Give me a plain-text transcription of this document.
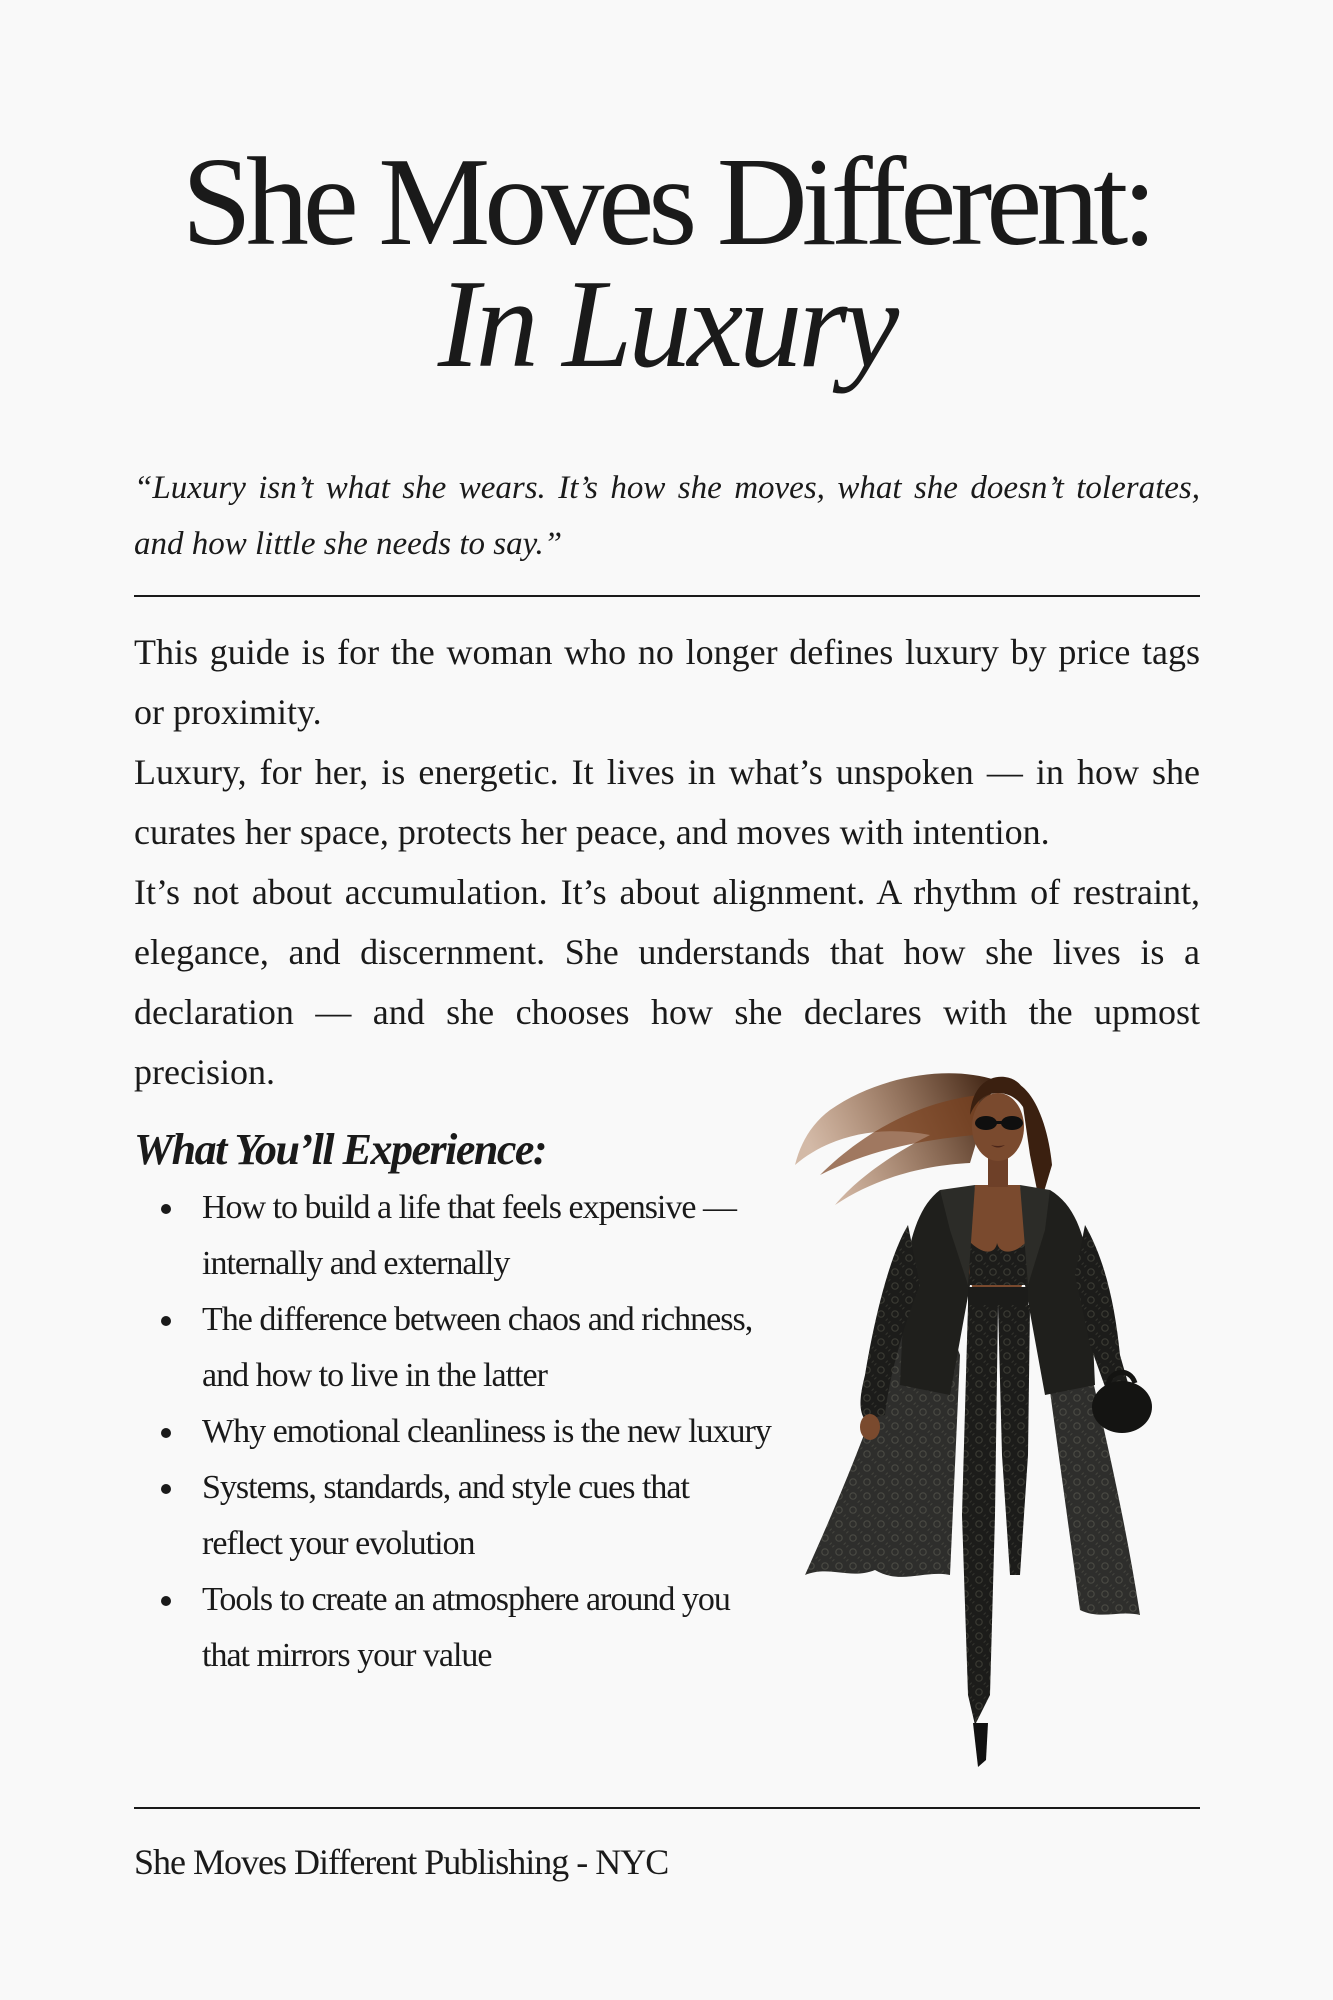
She Moves Different:
In Luxury

“Luxury isn’t what she wears. It’s how she moves, what she doesn’t tolerates, and how little she needs to say.”

This guide is for the woman who no longer defines luxury by price tags or proximity.

Luxury, for her, is energetic. It lives in what’s unspoken — in how she curates her space, protects her peace, and moves with intention.

It’s not about accumulation. It’s about alignment. A rhythm of restraint, elegance, and discernment. She understands that how she lives is a declaration — and she chooses how she declares with the upmost precision.

What You’ll Experience:
How to build a life that feels expensive — internally and externally
The difference between chaos and richness, and how to live in the latter
Why emotional cleanliness is the new luxury
Systems, standards, and style cues that reflect your evolution
Tools to create an atmosphere around you that mirrors your value

She Moves Different Publishing - NYC
